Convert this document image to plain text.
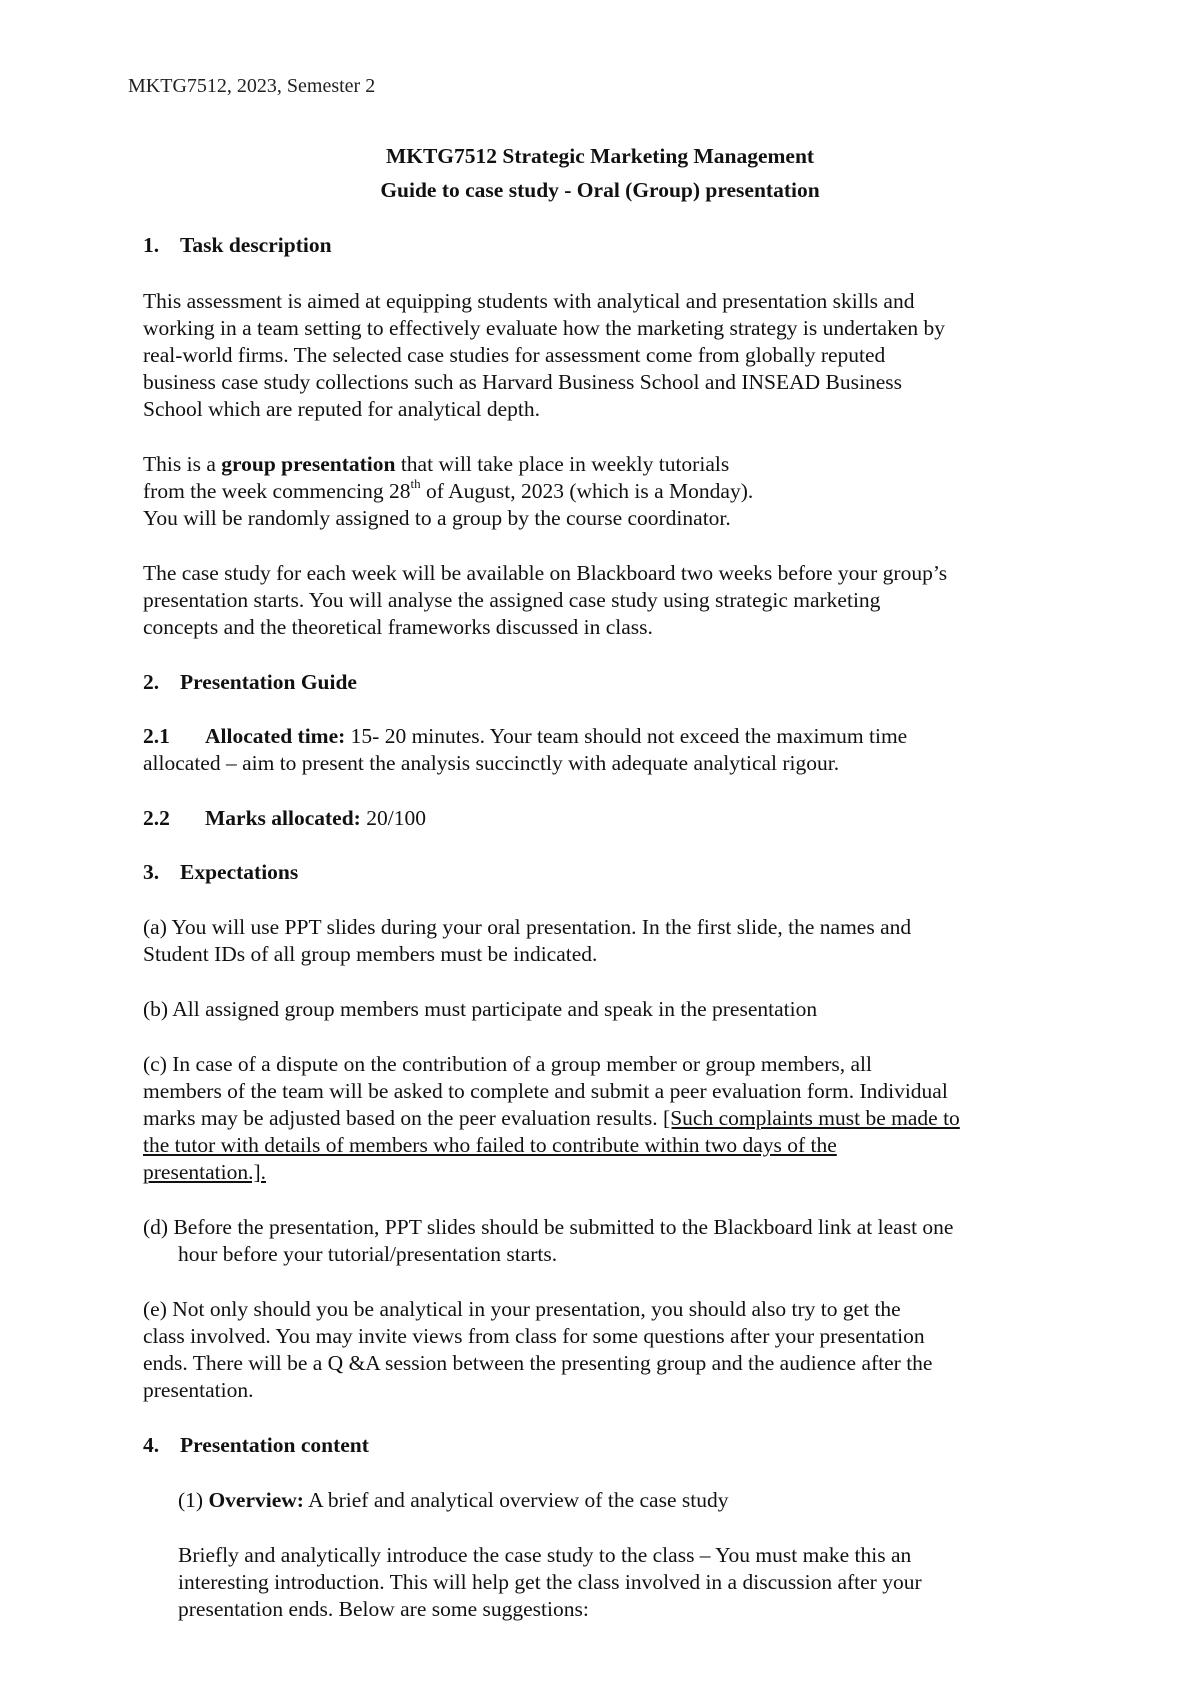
MKTG7512, 2023, Semester 2
MKTG7512 Strategic Marketing Management
Guide to case study - Oral (Group) presentation
1. Task description
This assessment is aimed at equipping students with analytical and presentation skills and
working in a team setting to effectively evaluate how the marketing strategy is undertaken by
real-world firms. The selected case studies for assessment come from globally reputed
business case study collections such as Harvard Business School and INSEAD Business
School which are reputed for analytical depth.
This is a group presentation that will take place in weekly tutorials
from the week commencing 28th of August, 2023 (which is a Monday).
You will be randomly assigned to a group by the course coordinator.
The case study for each week will be available on Blackboard two weeks before your group’s
presentation starts. You will analyse the assigned case study using strategic marketing
concepts and the theoretical frameworks discussed in class.
2. Presentation Guide
2.1 Allocated time: 15- 20 minutes. Your team should not exceed the maximum time
allocated – aim to present the analysis succinctly with adequate analytical rigour.
2.2 Marks allocated: 20/100
3. Expectations
(a) You will use PPT slides during your oral presentation. In the first slide, the names and
Student IDs of all group members must be indicated.
(b) All assigned group members must participate and speak in the presentation
(c) In case of a dispute on the contribution of a group member or group members, all
members of the team will be asked to complete and submit a peer evaluation form. Individual
marks may be adjusted based on the peer evaluation results. [Such complaints must be made to
the tutor with details of members who failed to contribute within two days of the
presentation.].
(d) Before the presentation, PPT slides should be submitted to the Blackboard link at least one
hour before your tutorial/presentation starts.
(e) Not only should you be analytical in your presentation, you should also try to get the
class involved. You may invite views from class for some questions after your presentation
ends. There will be a Q &A session between the presenting group and the audience after the
presentation.
4. Presentation content
(1) Overview: A brief and analytical overview of the case study
Briefly and analytically introduce the case study to the class – You must make this an
interesting introduction. This will help get the class involved in a discussion after your
presentation ends. Below are some suggestions:
